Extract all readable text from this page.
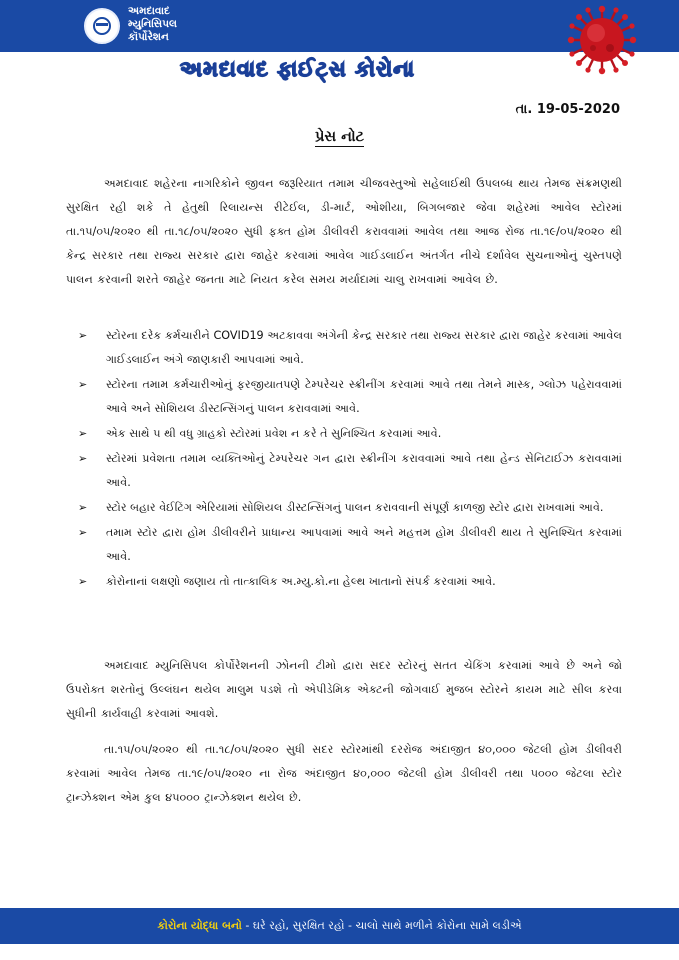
અમદાવાદ
મ્યુનિસિપલ
કૉર્પોરેશન
અમદાવાદ ફાઈટ્સ કોરોના
તા. 19-05-2020
પ્રેસ નોટ
અમદાવાદ શહેરના નાગરિકોને જીવન જરૂરિયાત તમામ ચીજવસ્તુઓ સહેલાઈથી ઉપલબ્ધ થાય તેમજ સંક્રમણથી સુરક્ષિત રહી શકે તે હેતુથી રિલાયન્સ રીટેઈલ, ડી-માર્ટ, ઓશીયા, બિગબજાર જેવા શહેરમાં આવેલ સ્ટોરમાં તા.૧૫/૦૫/૨૦૨૦ થી તા.૧૮/૦૫/૨૦૨૦ સુધી ફક્ત હોમ ડીલીવરી કરાવવામાં આવેલ તથા આજ રોજ તા.૧૯/૦૫/૨૦૨૦ થી કેન્દ્ર સરકાર તથા રાજ્ય સરકાર દ્વારા જાહેર કરવામાં આવેલ ગાઈડલાઈન અંતર્ગત નીચે દર્શાવેલ સુચનાઓનું ચુસ્તપણે પાલન કરવાની શરતે જાહેર જનતા માટે નિયત કરેલ સમય મર્યાદામાં ચાલુ રાખવામાં આવેલ છે.
➢ સ્ટોરના દરેક કર્મચારીને COVID19 અટકાવવા અંગેની કેન્દ્ર સરકાર તથા રાજ્ય સરકાર દ્વારા જાહેર કરવામાં આવેલ ગાઈડલાઈન અંગે જાણકારી આપવામાં આવે.
➢ સ્ટોરના તમામ કર્મચારીઓનું ફરજીયાતપણે ટેમ્પરેચર સ્ક્રીનીંગ કરવામાં આવે તથા તેમને માસ્ક, ગ્લોઝ પહેરાવવામાં આવે અને સોશિયલ ડીસ્ટન્સિંગનું પાલન કરાવવામાં આવે.
➢ એક સાથે ૫ થી વધુ ગ્રાહકો સ્ટોરમાં પ્રવેશ ન કરે તે સુનિશ્ચિત કરવામાં આવે.
➢ સ્ટોરમાં પ્રવેશતા તમામ વ્યક્તિઓનું ટેમ્પરેચર ગન દ્વારા સ્ક્રીનીંગ કરાવવામાં આવે તથા હેન્ડ સેનિટાઈઝ કરાવવામાં આવે.
➢ સ્ટોર બહાર વેઈટિંગ એરિયામાં સોશિયલ ડીસ્ટન્સિંગનું પાલન કરાવવાની સંપૂર્ણ કાળજી સ્ટોર દ્વારા રાખવામાં આવે.
➢ તમામ સ્ટોર દ્વારા હોમ ડીલીવરીને પ્રાધાન્ય આપવામાં આવે અને મહત્તમ હોમ ડીલીવરી થાય તે સુનિશ્ચિત કરવામાં આવે.
➢ કોરોનાનાં લક્ષણો જણાય તો તાત્કાલિક અ.મ્યુ.કો.ના હેલ્થ ખાતાનો સંપર્ક કરવામાં આવે.
અમદાવાદ મ્યુનિસિપલ કોર્પોરેશનની ઝોનની ટીમો દ્વારા સદર સ્ટોરનું સતત ચેકિંગ કરવામાં આવે છે અને જો ઉપરોક્ત શરતોનું ઉલ્લંઘન થયેલ માલુમ પડશે તો એપીડેમિક એક્ટની જોગવાઈ મુજબ સ્ટોરને કાયમ માટે સીલ કરવા સુધીની કાર્યવાહી કરવામાં આવશે.
તા.૧૫/૦૫/૨૦૨૦ થી તા.૧૮/૦૫/૨૦૨૦ સુધી સદર સ્ટોરમાંથી દરરોજ અંદાજીત ૪૦,૦૦૦ જેટલી હોમ ડીલીવરી કરવામાં આવેલ તેમજ તા.૧૯/૦૫/૨૦૨૦ ના રોજ અંદાજીત ૪૦,૦૦૦ જેટલી હોમ ડીલીવરી તથા ૫૦૦૦ જેટલા સ્ટોર ટ્રાન્ઝેક્શન એમ કુલ ૪૫૦૦૦ ટ્રાન્ઝેક્શન થયેલ છે.
કોરોના યોદ્ધા બનો - ઘરે રહો, સુરક્ષિત રહો - ચાલો સાથે મળીને કોરોના સામે લડીએ
